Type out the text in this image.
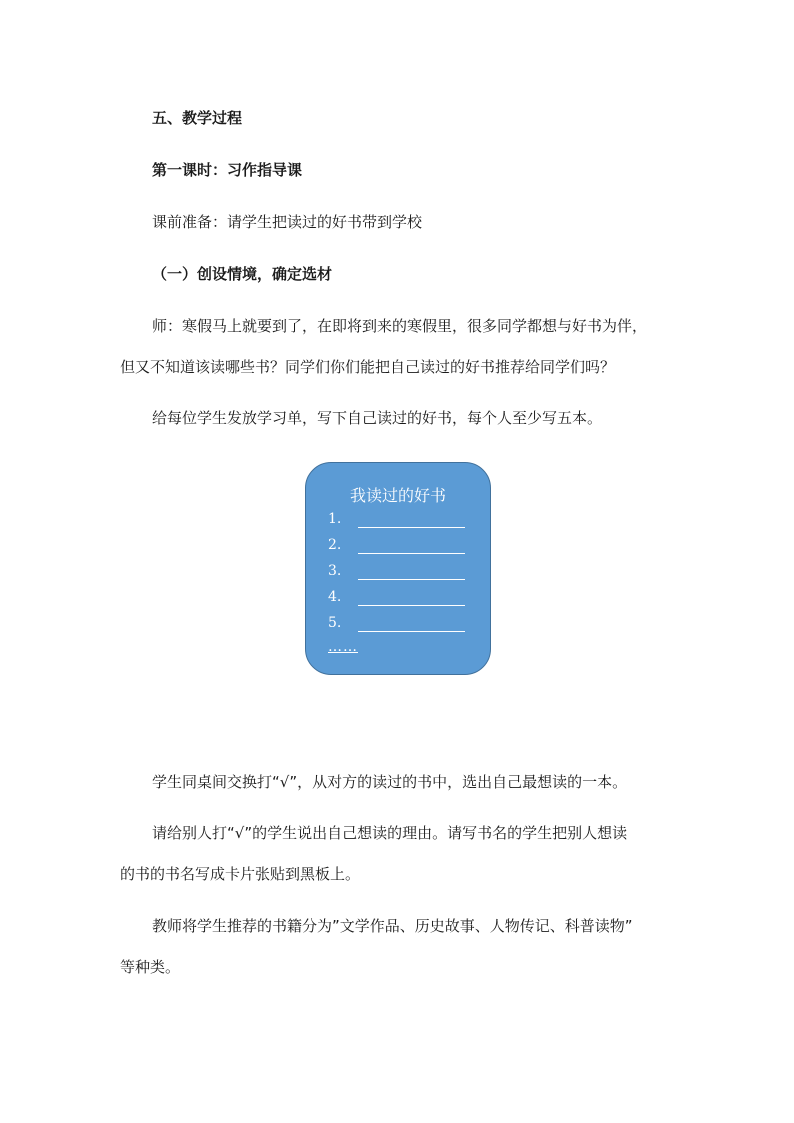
五、教学过程
第一课时：习作指导课
课前准备：请学生把读过的好书带到学校
（一）创设情境，确定选材
师：寒假马上就要到了，在即将到来的寒假里，很多同学都想与好书为伴，
但又不知道该读哪些书？同学们你们能把自己读过的好书推荐给同学们吗？
给每位学生发放学习单，写下自己读过的好书，每个人至少写五本。
我读过的好书
1.
2.
3.
4.
5.
……
学生同桌间交换打“√”，从对方的读过的书中，选出自己最想读的一本。
请给别人打“√”的学生说出自己想读的理由。请写书名的学生把别人想读
的书的书名写成卡片张贴到黑板上。
教师将学生推荐的书籍分为”文学作品、历史故事、人物传记、科普读物”
等种类。
